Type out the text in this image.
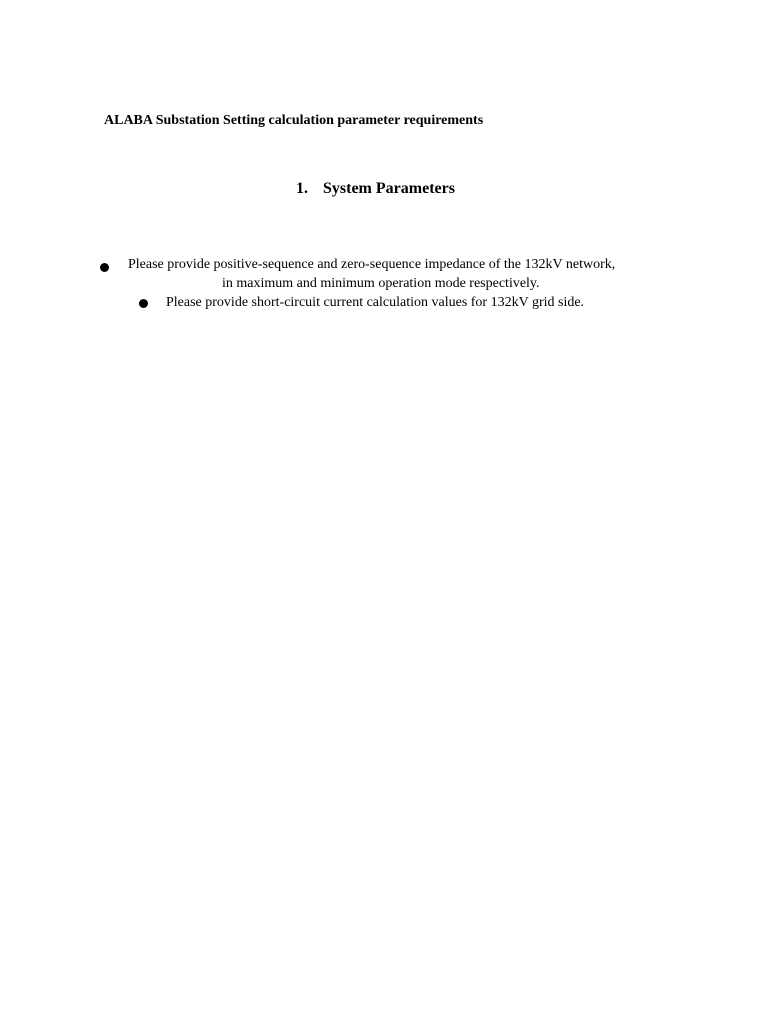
ALABA Substation Setting calculation parameter requirements
1. System Parameters
Please provide positive-sequence and zero-sequence impedance of the 132kV network,
in maximum and minimum operation mode respectively.
Please provide short-circuit current calculation values for 132kV grid side.
